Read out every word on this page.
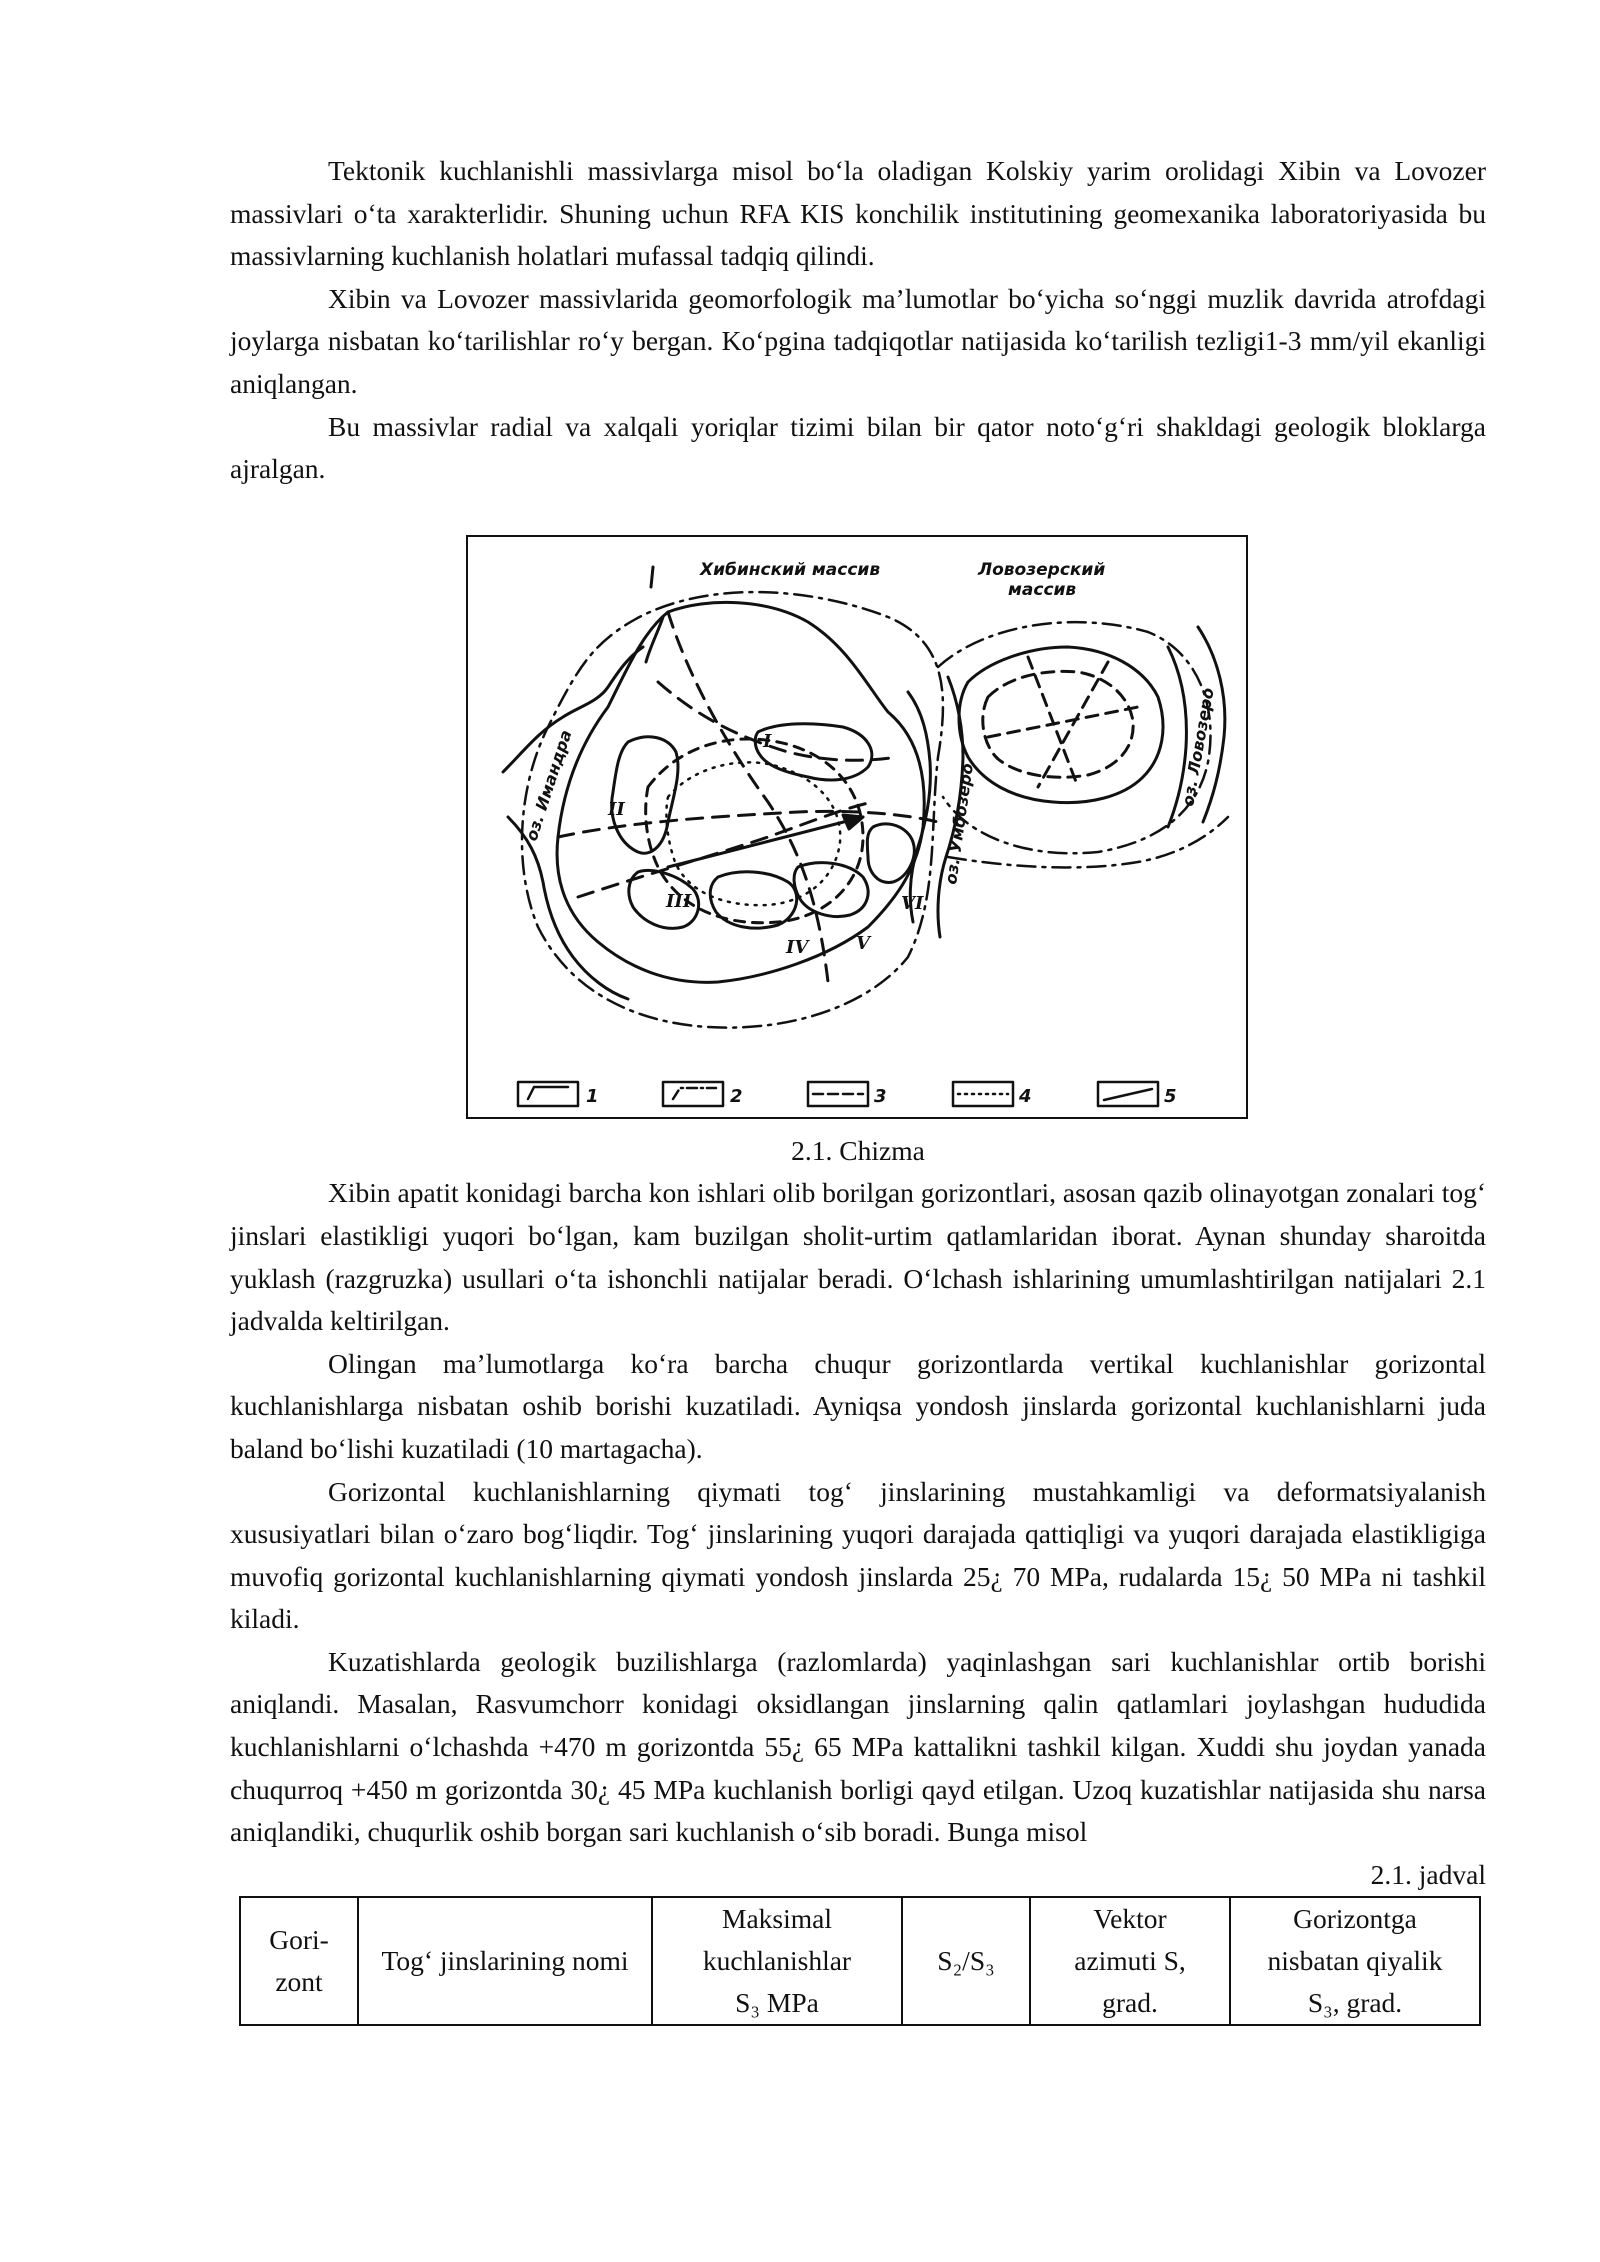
Tektonik kuchlanishli massivlarga misol bo‘la oladigan Kolskiy yarim orolidagi Xibin va Lovozer massivlari o‘ta xarakterlidir. Shuning uchun RFA KIS konchilik institutining geomexanika laboratoriyasida bu massivlarning kuchlanish holatlari mufassal tadqiq qilindi.

Xibin va Lovozer massivlarida geomorfologik ma’lumotlar bo‘yicha so‘nggi muzlik davrida atrofdagi joylarga nisbatan ko‘tarilishlar ro‘y bergan. Ko‘pgina tadqiqotlar natijasida ko‘tarilish tezligi1-3 mm/yil ekanligi aniqlangan.

Bu massivlar radial va xalqali yoriqlar tizimi bilan bir qator noto‘g‘ri shakldagi geologik bloklarga ajralgan.

Хибинский массив	Ловозерский
массив
оз. Имандра	оз. Умбозеро
оз. Ловозеро
I
II
III
IV	V
VI
1	2	3	4	5
2.1. Chizma

Xibin apatit konidagi barcha kon ishlari olib borilgan gorizontlari, asosan qazib olinayotgan zonalari tog‘ jinslari elastikligi yuqori bo‘lgan, kam buzilgan sholit-urtim qatlamlaridan iborat. Aynan shunday sharoitda yuklash (razgruzka) usullari o‘ta ishonchli natijalar beradi. O‘lchash ishlarining umumlashtirilgan natijalari 2.1 jadvalda keltirilgan.

Olingan ma’lumotlarga ko‘ra barcha chuqur gorizontlarda vertikal kuchlanishlar gorizontal kuchlanishlarga nisbatan oshib borishi kuzatiladi. Ayniqsa yondosh jinslarda gorizontal kuchlanishlarni juda baland bo‘lishi kuzatiladi (10 martagacha).

Gorizontal kuchlanishlarning qiymati tog‘ jinslarining mustahkamligi va deformatsiyalanish xususiyatlari bilan o‘zaro bog‘liqdir. Tog‘ jinslarining yuqori darajada qattiqligi va yuqori darajada elastikligiga muvofiq gorizontal kuchlanishlarning qiymati yondosh jinslarda 25¿ 70 MPa, rudalarda 15¿ 50 MPa ni tashkil kiladi.

Kuzatishlarda geologik buzilishlarga (razlomlarda) yaqinlashgan sari kuchlanishlar ortib borishi aniqlandi. Masalan, Rasvumchorr konidagi oksidlangan jinslarning qalin qatlamlari joylashgan hududida kuchlanishlarni o‘lchashda +470 m gorizontda 55¿ 65 MPa kattalikni tashkil kilgan. Xuddi shu joydan yanada chuqurroq +450 m gorizontda 30¿ 45 MPa kuchlanish borligi qayd etilgan. Uzoq kuzatishlar natijasida shu narsa aniqlandiki, chuqurlik oshib borgan sari kuchlanish o‘sib boradi. Bunga misol

2.1. jadval
Gori-
zont

Tog‘ jinslarining nomi

Maksimal
kuchlanishlar
S₃ MPa

S₂/S₃

Vektor
azimuti S,
grad.

Gorizontga
nisbatan qiyalik
S₃, grad.
